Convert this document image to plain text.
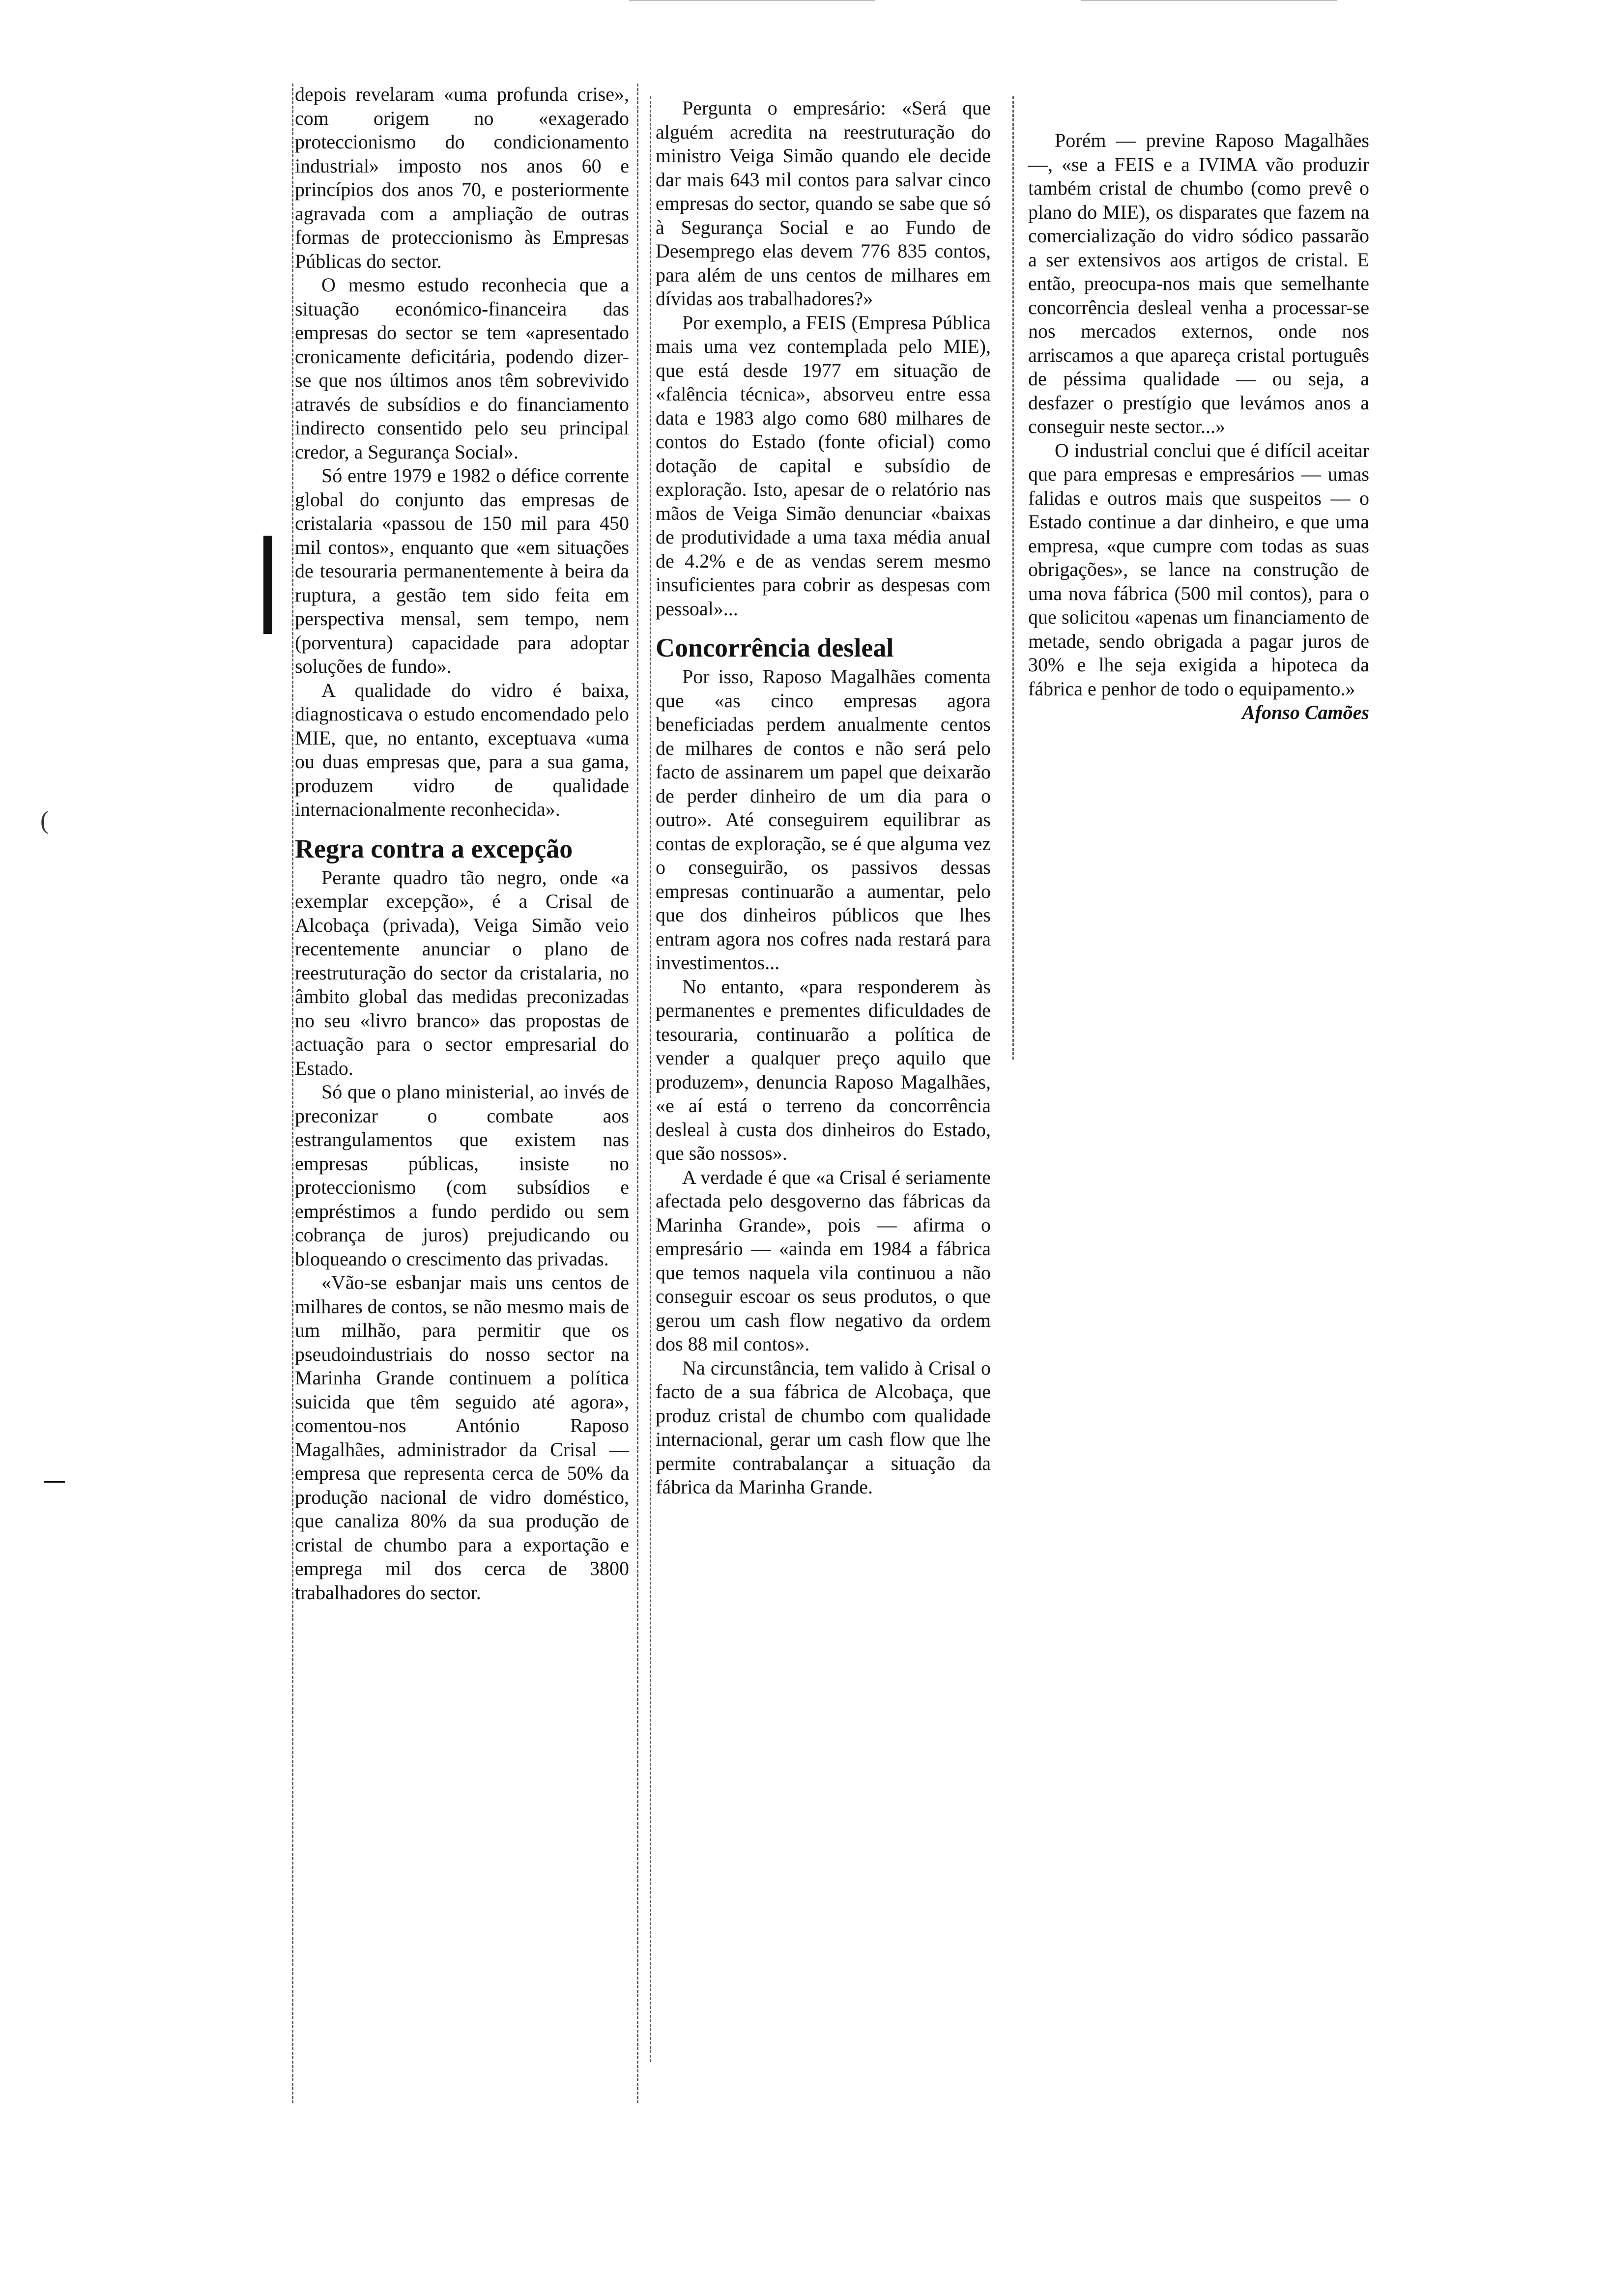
(

depois revelaram «uma profunda crise», com origem no «exagerado proteccionismo do condicionamento industrial» imposto nos anos 60 e princípios dos anos 70, e posteriormente agravada com a ampliação de outras formas de proteccionismo às Empresas Públicas do sector.

O mesmo estudo reconhecia que a situação económico-financeira das empresas do sector se tem «apresentado cronicamente deficitária, podendo dizer-se que nos últimos anos têm sobrevivido através de subsídios e do financiamento indirecto consentido pelo seu principal credor, a Segurança Social».

Só entre 1979 e 1982 o défice corrente global do conjunto das empresas de cristalaria «passou de 150 mil para 450 mil contos», enquanto que «em situações de tesouraria permanentemente à beira da ruptura, a gestão tem sido feita em perspectiva mensal, sem tempo, nem (porventura) capacidade para adoptar soluções de fundo».

A qualidade do vidro é baixa, diagnosticava o estudo encomendado pelo MIE, que, no entanto, exceptuava «uma ou duas empresas que, para a sua gama, produzem vidro de qualidade internacionalmente reconhecida».

Regra contra a excepção

Perante quadro tão negro, onde «a exemplar excepção», é a Crisal de Alcobaça (privada), Veiga Simão veio recentemente anunciar o plano de reestruturação do sector da cristalaria, no âmbito global das medidas preconizadas no seu «livro branco» das propostas de actuação para o sector empresarial do Estado.

Só que o plano ministerial, ao invés de preconizar o combate aos estrangulamentos que existem nas empresas públicas, insiste no proteccionismo (com subsídios e empréstimos a fundo perdido ou sem cobrança de juros) prejudicando ou bloqueando o crescimento das privadas.

«Vão-se esbanjar mais uns centos de milhares de contos, se não mesmo mais de um milhão, para permitir que os pseudoindustriais do nosso sector na Marinha Grande continuem a política suicida que têm seguido até agora», comentou-nos António Raposo Magalhães, administrador da Crisal — empresa que representa cerca de 50% da produção nacional de vidro doméstico, que canaliza 80% da sua produção de cristal de chumbo para a exportação e emprega mil dos cerca de 3800 trabalhadores do sector.

Pergunta o empresário: «Será que alguém acredita na reestruturação do ministro Veiga Simão quando ele decide dar mais 643 mil contos para salvar cinco empresas do sector, quando se sabe que só à Segurança Social e ao Fundo de Desemprego elas devem 776 835 contos, para além de uns centos de milhares em dívidas aos trabalhadores?»

Por exemplo, a FEIS (Empresa Pública mais uma vez contemplada pelo MIE), que está desde 1977 em situação de «falência técnica», absorveu entre essa data e 1983 algo como 680 milhares de contos do Estado (fonte oficial) como dotação de capital e subsídio de exploração. Isto, apesar de o relatório nas mãos de Veiga Simão denunciar «baixas de produtividade a uma taxa média anual de 4.2% e de as vendas serem mesmo insuficientes para cobrir as despesas com pessoal»...

Concorrência desleal

Por isso, Raposo Magalhães comenta que «as cinco empresas agora beneficiadas perdem anualmente centos de milhares de contos e não será pelo facto de assinarem um papel que deixarão de perder dinheiro de um dia para o outro». Até conseguirem equilibrar as contas de exploração, se é que alguma vez o conseguirão, os passivos dessas empresas continuarão a aumentar, pelo que dos dinheiros públicos que lhes entram agora nos cofres nada restará para investimentos...

No entanto, «para responderem às permanentes e prementes dificuldades de tesouraria, continuarão a política de vender a qualquer preço aquilo que produzem», denuncia Raposo Magalhães, «e aí está o terreno da concorrência desleal à custa dos dinheiros do Estado, que são nossos».

A verdade é que «a Crisal é seriamente afectada pelo desgoverno das fábricas da Marinha Grande», pois — afirma o empresário — «ainda em 1984 a fábrica que temos naquela vila continuou a não conseguir escoar os seus produtos, o que gerou um cash flow negativo da ordem dos 88 mil contos».

Na circunstância, tem valido à Crisal o facto de a sua fábrica de Alcobaça, que produz cristal de chumbo com qualidade internacional, gerar um cash flow que lhe permite contrabalançar a situação da fábrica da Marinha Grande.

Porém — previne Raposo Magalhães —, «se a FEIS e a IVIMA vão produzir também cristal de chumbo (como prevê o plano do MIE), os disparates que fazem na comercialização do vidro sódico passarão a ser extensivos aos artigos de cristal. E então, preocupa-nos mais que semelhante concorrência desleal venha a processar-se nos mercados externos, onde nos arriscamos a que apareça cristal português de péssima qualidade — ou seja, a desfazer o prestígio que levámos anos a conseguir neste sector...»

O industrial conclui que é difícil aceitar que para empresas e empresários — umas falidas e outros mais que suspeitos — o Estado continue a dar dinheiro, e que uma empresa, «que cumpre com todas as suas obrigações», se lance na construção de uma nova fábrica (500 mil contos), para o que solicitou «apenas um financiamento de metade, sendo obrigada a pagar juros de 30% e lhe seja exigida a hipoteca da fábrica e penhor de todo o equipamento.»

Afonso Camões
